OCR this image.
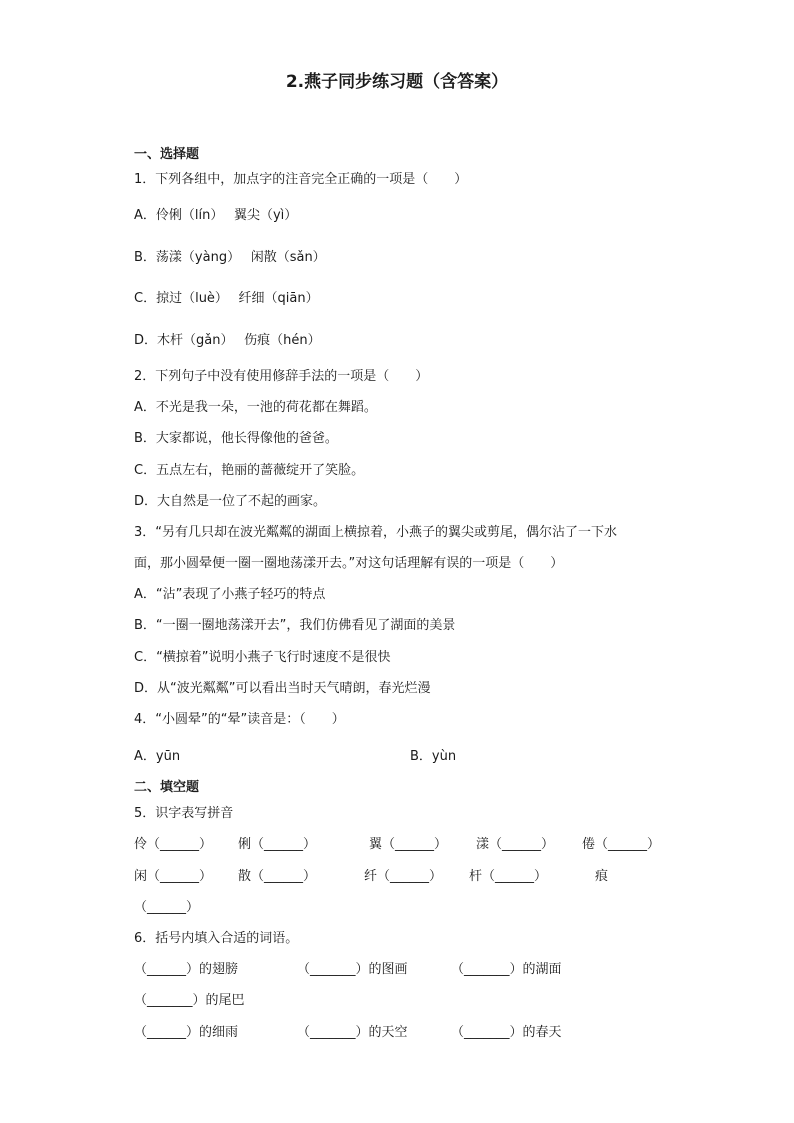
2.燕子同步练习题（含答案）
一、选择题
1．下列各组中，加点字的注音完全正确的一项是（　　）
A．伶俐（lín）　 翼尖（yì）
B．荡漾（yàng）　 闲散（sǎn）
C．掠过（luè）　 纤细（qiān）
D．木杆（gǎn）　 伤痕（hén）
2．下列句子中没有使用修辞手法的一项是（　　）
A．不光是我一朵，一池的荷花都在舞蹈。
B．大家都说，他长得像他的爸爸。
C．五点左右，艳丽的蔷薇绽开了笑脸。
D．大自然是一位了不起的画家。
3．“另有几只却在波光粼粼的湖面上横掠着，小燕子的翼尖或剪尾，偶尔沾了一下水
面，那小圆晕便一圈一圈地荡漾开去。”对这句话理解有误的一项是（　　）
A．“沾”表现了小燕子轻巧的特点
B．“一圈一圈地荡漾开去”，我们仿佛看见了湖面的美景
C．“横掠着”说明小燕子飞行时速度不是很快
D．从“波光粼粼”可以看出当时天气晴朗，春光烂漫
4．“小圆晕”的“晕”读音是：（　　）
A．yūn	B．yùn
二、填空题
5．识字表写拼音
伶（______） 俐（______）	翼（______） 漾（______） 倦（______）
闲（______） 散（______）	纤（______） 杆（______）	痕
（______）
6．括号内填入合适的词语。
（______）的翅膀	（_______）的图画	（_______）的湖面
（_______）的尾巴
（______）的细雨	（_______）的天空	（_______）的春天
